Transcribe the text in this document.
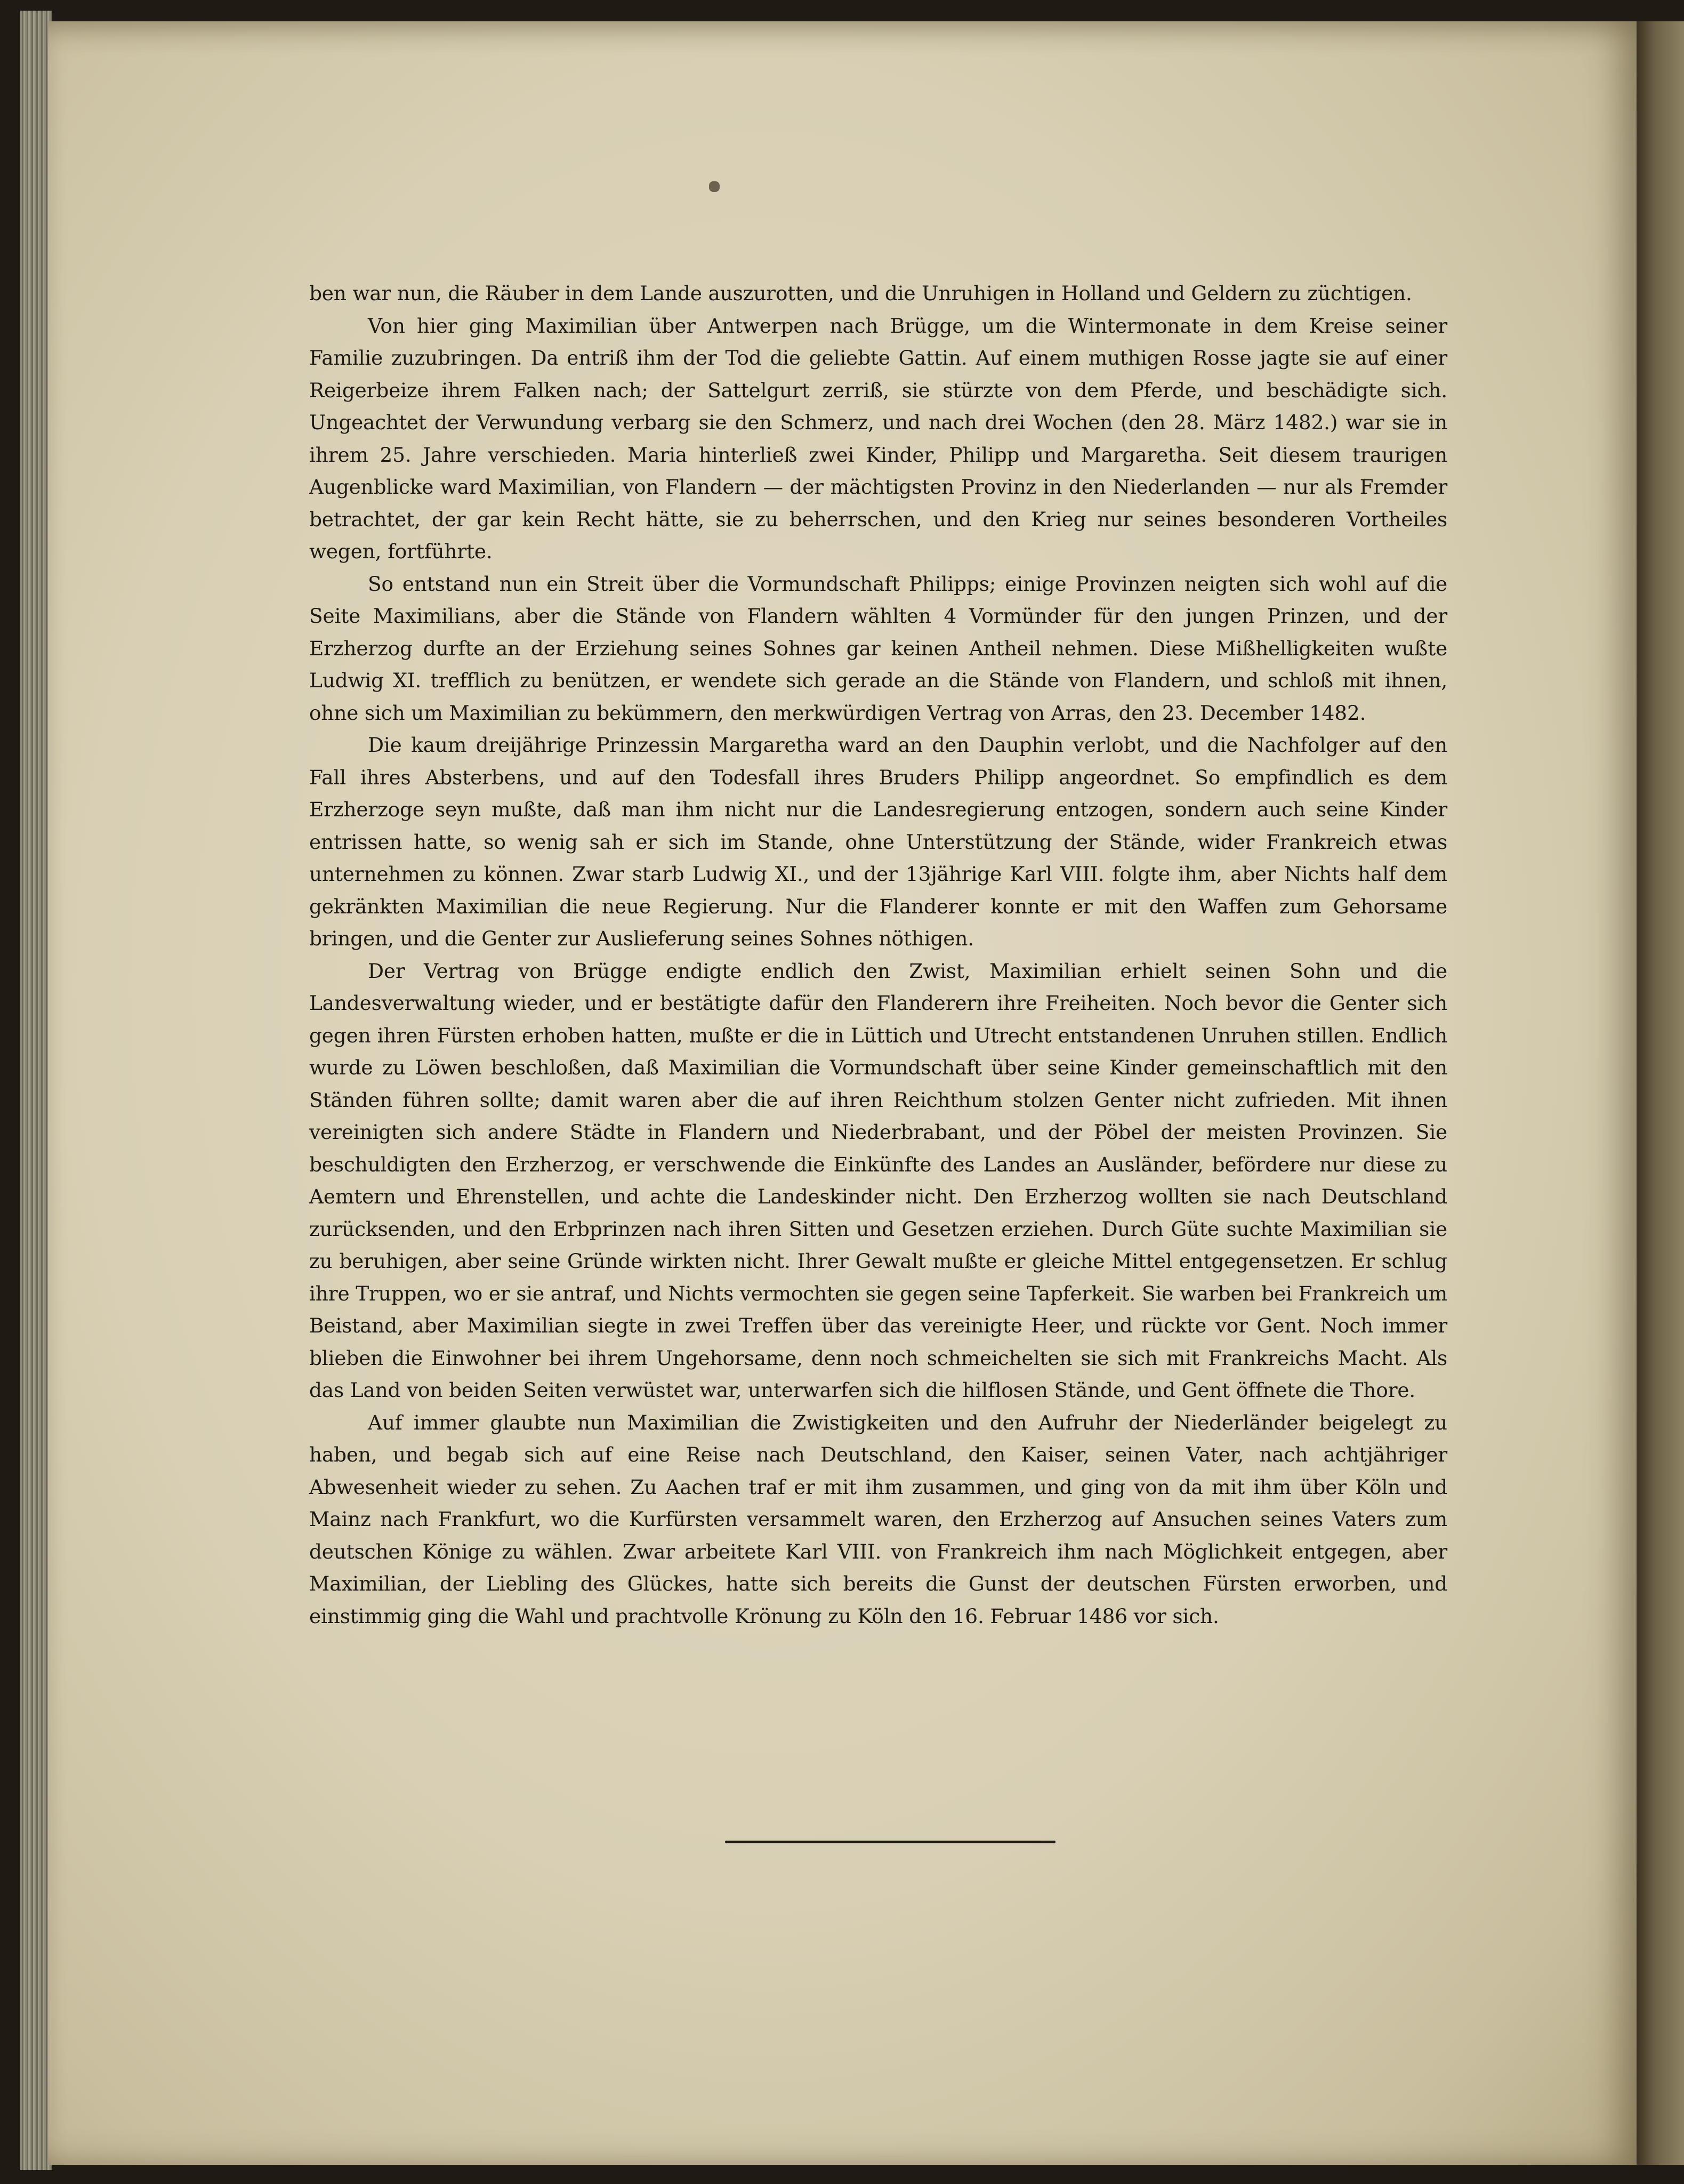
ben war nun, die Räuber in dem Lande auszurotten, und die Unruhigen in Holland und Geldern zu züchtigen.

Von hier ging Maximilian über Antwerpen nach Brügge, um die Wintermonate in dem Kreise seiner Familie zuzubringen. Da entriß ihm der Tod die geliebte Gattin. Auf einem muthigen Rosse jagte sie auf einer Reigerbeize ihrem Falken nach; der Sattelgurt zerriß, sie stürzte von dem Pferde, und beschädigte sich. Ungeachtet der Verwundung verbarg sie den Schmerz, und nach drei Wochen (den 28. März 1482.) war sie in ihrem 25. Jahre verschieden. Maria hinterließ zwei Kinder, Philipp und Margaretha. Seit diesem traurigen Augenblicke ward Maximilian, von Flandern — der mächtigsten Provinz in den Niederlanden — nur als Fremder betrachtet, der gar kein Recht hätte, sie zu beherrschen, und den Krieg nur seines besonderen Vortheiles wegen, fortführte.

So entstand nun ein Streit über die Vormundschaft Philipps; einige Provinzen neigten sich wohl auf die Seite Maximilians, aber die Stände von Flandern wählten 4 Vormünder für den jungen Prinzen, und der Erzherzog durfte an der Erziehung seines Sohnes gar keinen Antheil nehmen. Diese Mißhelligkeiten wußte Ludwig XI. trefflich zu benützen, er wendete sich gerade an die Stände von Flandern, und schloß mit ihnen, ohne sich um Maximilian zu bekümmern, den merkwürdigen Vertrag von Arras, den 23. December 1482.

Die kaum dreijährige Prinzessin Margaretha ward an den Dauphin verlobt, und die Nachfolger auf den Fall ihres Absterbens, und auf den Todesfall ihres Bruders Philipp angeordnet. So empfindlich es dem Erzherzoge seyn mußte, daß man ihm nicht nur die Landesregierung entzogen, sondern auch seine Kinder entrissen hatte, so wenig sah er sich im Stande, ohne Unterstützung der Stände, wider Frankreich etwas unternehmen zu können. Zwar starb Ludwig XI., und der 13jährige Karl VIII. folgte ihm, aber Nichts half dem gekränkten Maximilian die neue Regierung. Nur die Flanderer konnte er mit den Waffen zum Gehorsame bringen, und die Genter zur Auslieferung seines Sohnes nöthigen.

Der Vertrag von Brügge endigte endlich den Zwist, Maximilian erhielt seinen Sohn und die Landesverwaltung wieder, und er bestätigte dafür den Flanderern ihre Freiheiten. Noch bevor die Genter sich gegen ihren Fürsten erhoben hatten, mußte er die in Lüttich und Utrecht entstandenen Unruhen stillen. Endlich wurde zu Löwen beschloßen, daß Maximilian die Vormundschaft über seine Kinder gemeinschaftlich mit den Ständen führen sollte; damit waren aber die auf ihren Reichthum stolzen Genter nicht zufrieden. Mit ihnen vereinigten sich andere Städte in Flandern und Niederbrabant, und der Pöbel der meisten Provinzen. Sie beschuldigten den Erzherzog, er verschwende die Einkünfte des Landes an Ausländer, befördere nur diese zu Aemtern und Ehrenstellen, und achte die Landeskinder nicht. Den Erzherzog wollten sie nach Deutschland zurücksenden, und den Erbprinzen nach ihren Sitten und Gesetzen erziehen. Durch Güte suchte Maximilian sie zu beruhigen, aber seine Gründe wirkten nicht. Ihrer Gewalt mußte er gleiche Mittel entgegensetzen. Er schlug ihre Truppen, wo er sie antraf, und Nichts vermochten sie gegen seine Tapferkeit. Sie warben bei Frankreich um Beistand, aber Maximilian siegte in zwei Treffen über das vereinigte Heer, und rückte vor Gent. Noch immer blieben die Einwohner bei ihrem Ungehorsame, denn noch schmeichelten sie sich mit Frankreichs Macht. Als das Land von beiden Seiten verwüstet war, unterwarfen sich die hilflosen Stände, und Gent öffnete die Thore.

Auf immer glaubte nun Maximilian die Zwistigkeiten und den Aufruhr der Niederländer beigelegt zu haben, und begab sich auf eine Reise nach Deutschland, den Kaiser, seinen Vater, nach achtjähriger Abwesenheit wieder zu sehen. Zu Aachen traf er mit ihm zusammen, und ging von da mit ihm über Köln und Mainz nach Frankfurt, wo die Kurfürsten versammelt waren, den Erzherzog auf Ansuchen seines Vaters zum deutschen Könige zu wählen. Zwar arbeitete Karl VIII. von Frankreich ihm nach Möglichkeit entgegen, aber Maximilian, der Liebling des Glückes, hatte sich bereits die Gunst der deutschen Fürsten erworben, und einstimmig ging die Wahl und prachtvolle Krönung zu Köln den 16. Februar 1486 vor sich.
